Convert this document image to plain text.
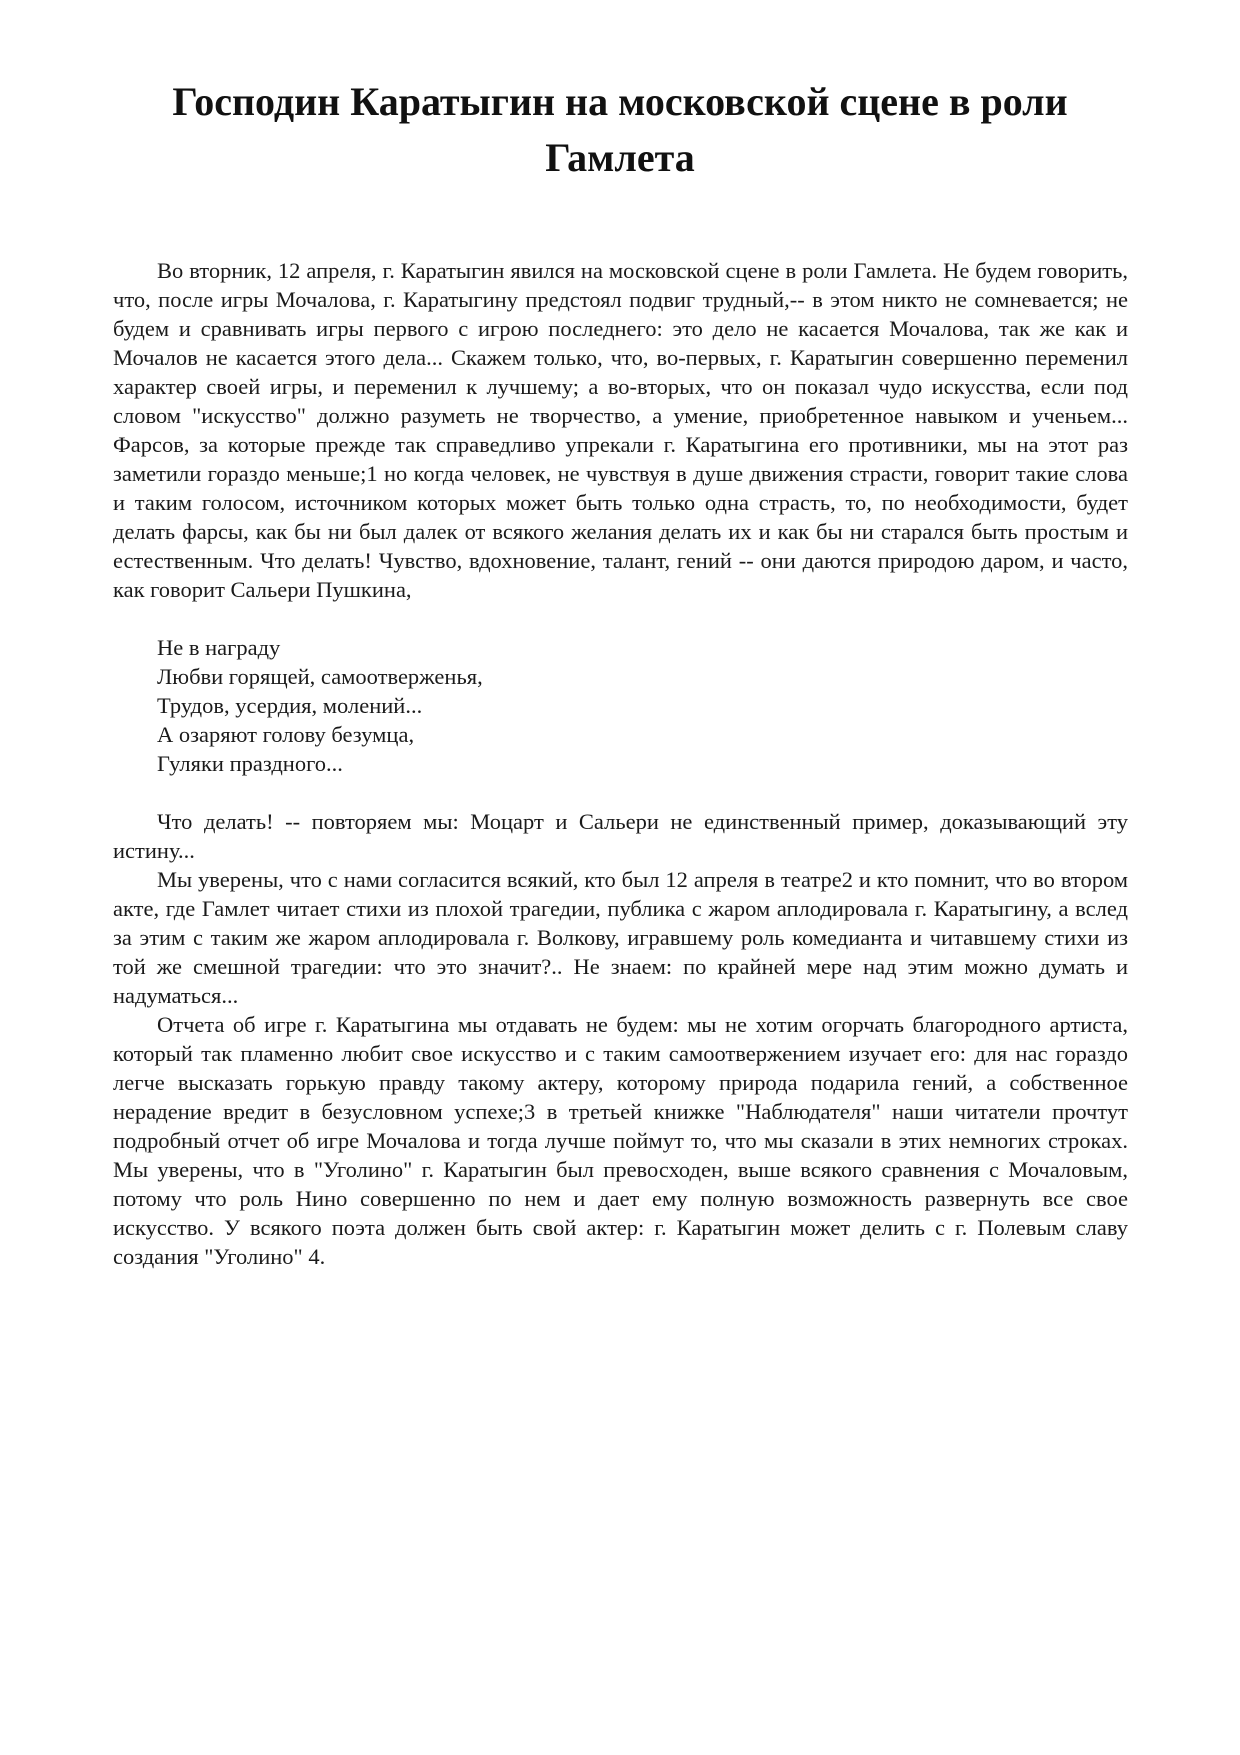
Господин Каратыгин на московской сцене в роли Гамлета

Во вторник, 12 апреля, г. Каратыгин явился на московской сцене в роли Гамлета. Не будем говорить, что, после игры Мочалова, г. Каратыгину предстоял подвиг трудный,-- в этом никто не сомневается; не будем и сравнивать игры первого с игрою последнего: это дело не касается Мочалова, так же как и Мочалов не касается этого дела... Скажем только, что, во-первых, г. Каратыгин совершенно переменил характер своей игры, и переменил к лучшему; а во-вторых, что он показал чудо искусства, если под словом "искусство" должно разуметь не творчество, а умение, приобретенное навыком и ученьем... Фарсов, за которые прежде так справедливо упрекали г. Каратыгина его противники, мы на этот раз заметили гораздо меньше;1 но когда человек, не чувствуя в душе движения страсти, говорит такие слова и таким голосом, источником которых может быть только одна страсть, то, по необходимости, будет делать фарсы, как бы ни был далек от всякого желания делать их и как бы ни старался быть простым и естественным. Что делать! Чувство, вдохновение, талант, гений -- они даются природою даром, и часто, как говорит Сальери Пушкина,

Не в награду
Любви горящей, самоотверженья,
Трудов, усердия, молений...
А озаряют голову безумца,
Гуляки праздного...

Что делать! -- повторяем мы: Моцарт и Сальери не единственный пример, доказывающий эту истину...

Мы уверены, что с нами согласится всякий, кто был 12 апреля в театре2 и кто помнит, что во втором акте, где Гамлет читает стихи из плохой трагедии, публика с жаром аплодировала г. Каратыгину, а вслед за этим с таким же жаром аплодировала г. Волкову, игравшему роль комедианта и читавшему стихи из той же смешной трагедии: что это значит?.. Не знаем: по крайней мере над этим можно думать и надуматься...

Отчета об игре г. Каратыгина мы отдавать не будем: мы не хотим огорчать благородного артиста, который так пламенно любит свое искусство и с таким самоотвержением изучает его: для нас гораздо легче высказать горькую правду такому актеру, которому природа подарила гений, а собственное нерадение вредит в безусловном успехе;3 в третьей книжке "Наблюдателя" наши читатели прочтут подробный отчет об игре Мочалова и тогда лучше поймут то, что мы сказали в этих немногих строках. Мы уверены, что в "Уголино" г. Каратыгин был превосходен, выше всякого сравнения с Мочаловым, потому что роль Нино совершенно по нем и дает ему полную возможность развернуть все свое искусство. У всякого поэта должен быть свой актер: г. Каратыгин может делить с г. Полевым славу создания "Уголино" 4.
